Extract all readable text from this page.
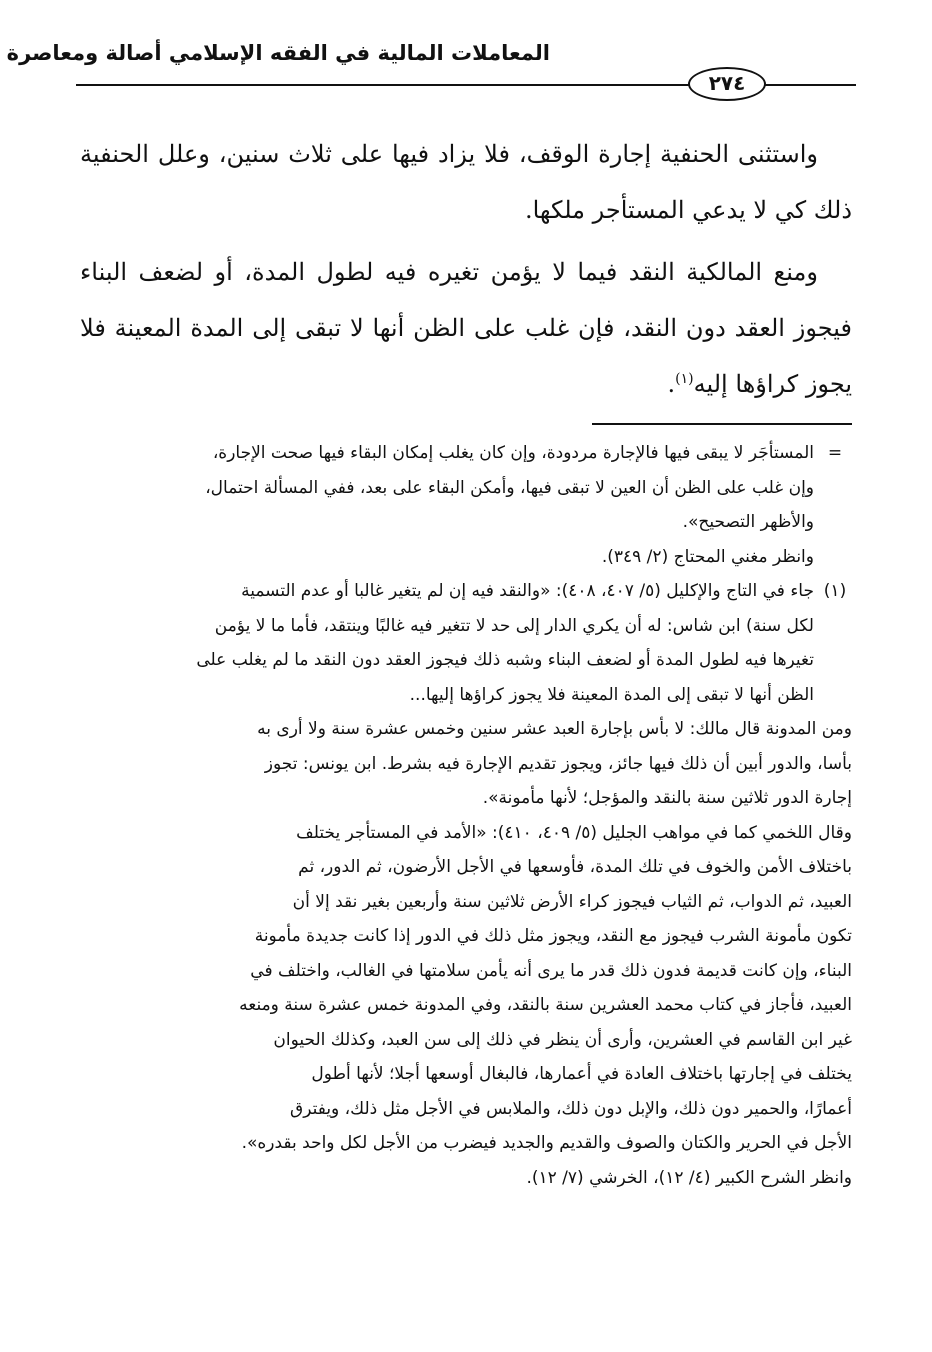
المعاملات المالية في الفقه الإسلامي أصالة ومعاصرة
٢٧٤

واستثنى الحنفية إجارة الوقف، فلا يزاد فيها على ثلاث سنين، وعلل الحنفية ذلك كي لا يدعي المستأجر ملكها.

ومنع المالكية النقد فيما لا يؤمن تغيره فيه لطول المدة، أو لضعف البناء فيجوز العقد دون النقد، فإن غلب على الظن أنها لا تبقى إلى المدة المعينة فلا يجوز كراؤها إليه$^{(١)}$.

=
المستأجَر لا يبقى فيها فالإجارة مردودة، وإن كان يغلب إمكان البقاء فيها صحت الإجارة،
وإن غلب على الظن أن العين لا تبقى فيها، وأمكن البقاء على بعد، ففي المسألة احتمال،
والأظهر التصحيح».
وانظر مغني المحتاج (٢/ ٣٤٩).
(١)
جاء في التاج والإكليل (٥/ ٤٠٧، ٤٠٨): «والنقد فيه إن لم يتغير غالبا أو عدم التسمية
لكل سنة) ابن شاس: له أن يكري الدار إلى حد لا تتغير فيه غالبًا وينتقد، فأما ما لا يؤمن
تغيرها فيه لطول المدة أو لضعف البناء وشبه ذلك فيجوز العقد دون النقد ما لم يغلب على
الظن أنها لا تبقى إلى المدة المعينة فلا يجوز كراؤها إليها...
ومن المدونة قال مالك: لا بأس بإجارة العبد عشر سنين وخمس عشرة سنة ولا أرى به
بأسا، والدور أبين أن ذلك فيها جائز، ويجوز تقديم الإجارة فيه بشرط. ابن يونس: تجوز
إجارة الدور ثلاثين سنة بالنقد والمؤجل؛ لأنها مأمونة».
وقال اللخمي كما في مواهب الجليل (٥/ ٤٠٩، ٤١٠): «الأمد في المستأجر يختلف
باختلاف الأمن والخوف في تلك المدة، فأوسعها في الأجل الأرضون، ثم الدور، ثم
العبيد، ثم الدواب، ثم الثياب فيجوز كراء الأرض ثلاثين سنة وأربعين بغير نقد إلا أن
تكون مأمونة الشرب فيجوز مع النقد، ويجوز مثل ذلك في الدور إذا كانت جديدة مأمونة
البناء، وإن كانت قديمة فدون ذلك قدر ما يرى أنه يأمن سلامتها في الغالب، واختلف في
العبيد، فأجاز في كتاب محمد العشرين سنة بالنقد، وفي المدونة خمس عشرة سنة ومنعه
غير ابن القاسم في العشرين، وأرى أن ينظر في ذلك إلى سن العبد، وكذلك الحيوان
يختلف في إجارتها باختلاف العادة في أعمارها، فالبغال أوسعها أجلا؛ لأنها أطول
أعمارًا، والحمير دون ذلك، والإبل دون ذلك، والملابس في الأجل مثل ذلك، ويفترق
الأجل في الحرير والكتان والصوف والقديم والجديد فيضرب من الأجل لكل واحد بقدره».
وانظر الشرح الكبير (٤/ ١٢)، الخرشي (٧/ ١٢).
